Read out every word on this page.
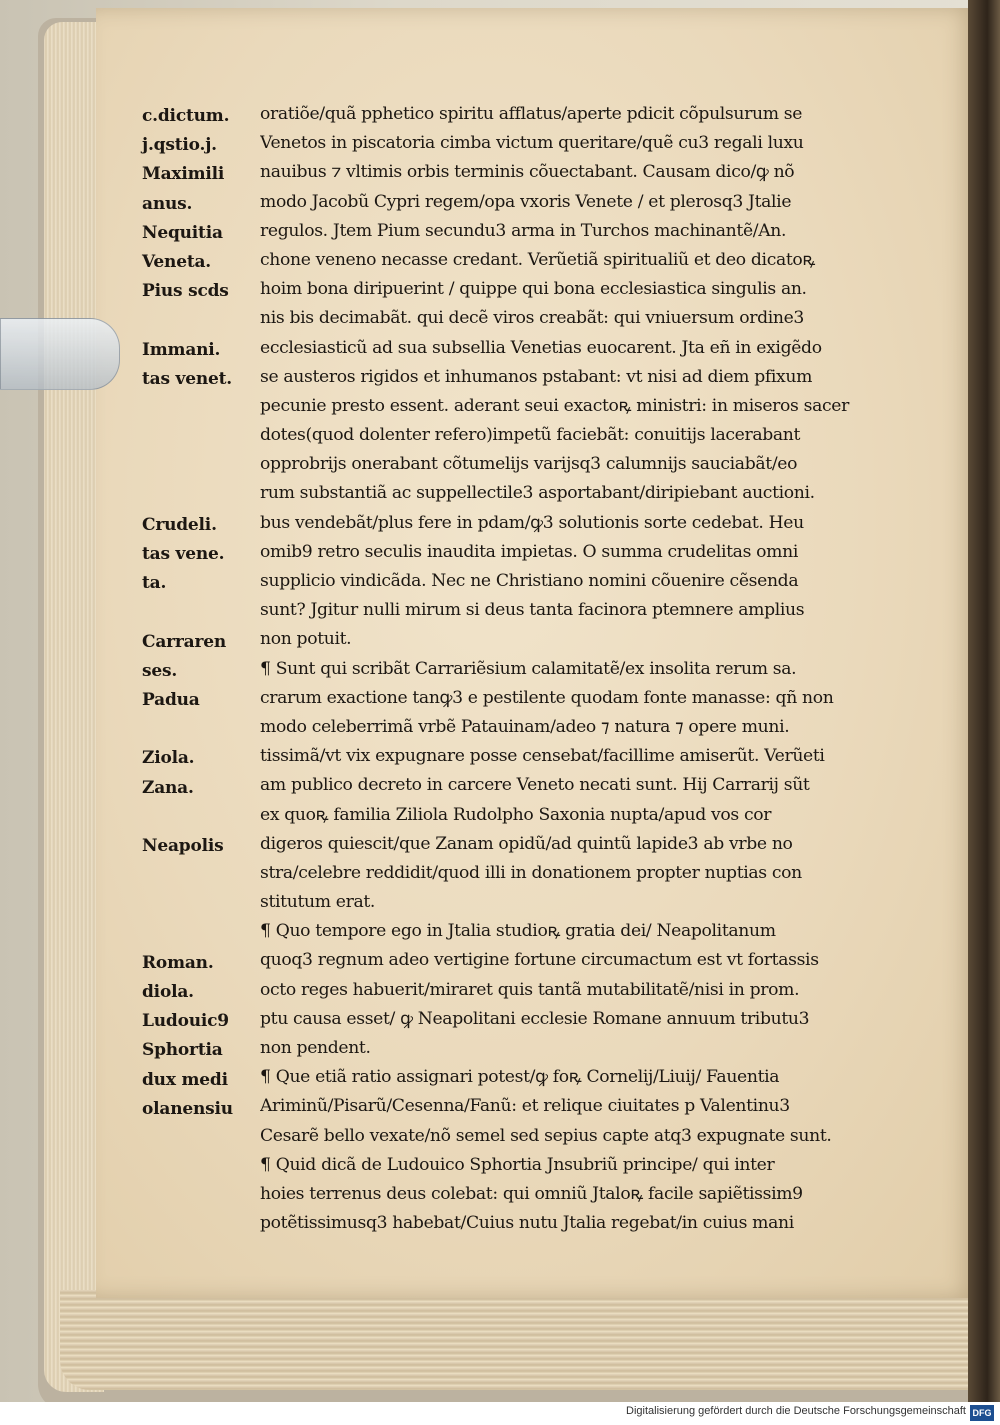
c.dictum.
j.qstio.j.
Maximili
anus.
Nequitia
Veneta.
Pius scds
Immani.
tas venet.
Crudeli.
tas vene.
ta.
Carraren
ses.
Padua
Ziola.
Zana.
Neapolis
Roman.
diola.
Ludouic9
Sphortia
dux medi
olanensiu
oratiõe/quã pphetico spiritu afflatus/aperte pdicit cõpulsurum se
Venetos in piscatoria cimba victum queritare/quẽ cu3 regali luxu
nauibus ⁊ vltimis orbis terminis cõuectabant. Causam dico/ꝙ nõ
modo Jacobũ Cypri regem/opa vxoris Venete / et plerosq3 Jtalie
regulos. Jtem Pium secundu3 arma in Turchos machinantẽ/An.
chone veneno necasse credant. Verũetiã spiritualiũ et deo dicatoꝶ
hoim bona diripuerint / quippe qui bona ecclesiastica singulis an.
nis bis decimabãt. qui decẽ viros creabãt: qui vniuersum ordine3
ecclesiasticũ ad sua subsellia Venetias euocarent. Jta eñ in exigẽdo
se austeros rigidos et inhumanos pstabant: vt nisi ad diem pfixum
pecunie presto essent. aderant seui exactoꝶ ministri: in miseros sacer
dotes(quod dolenter refero)impetũ faciebãt: conuitijs lacerabant
opprobrijs onerabant cõtumelijs varijsq3 calumnijs sauciabãt/eo
rum substantiã ac suppellectile3 asportabant/diripiebant auctioni.
bus vendebãt/plus fere in pdam/ꝙ3 solutionis sorte cedebat. Heu
omib9 retro seculis inaudita impietas. O summa crudelitas omni
supplicio vindicãda. Nec ne Christiano nomini cõuenire cẽsenda
sunt? Jgitur nulli mirum si deus tanta facinora ptemnere amplius
non potuit.
¶ Sunt qui scribãt Carrariẽsium calamitatẽ/ex insolita rerum sa.
crarum exactione tanꝙ3 e pestilente quodam fonte manasse: qñ non
modo celeberrimã vrbẽ Patauinam/adeo ⁊ natura ⁊ opere muni.
tissimã/vt vix expugnare posse censebat/facillime amiserũt. Verũeti
am publico decreto in carcere Veneto necati sunt. Hij Carrarij sũt
ex quoꝶ familia Ziliola Rudolpho Saxonia nupta/apud vos cor
digeros quiescit/que Zanam opidũ/ad quintũ lapide3 ab vrbe no
stra/celebre reddidit/quod illi in donationem propter nuptias con
stitutum erat.
¶ Quo tempore ego in Jtalia studioꝶ gratia dei/ Neapolitanum
quoq3 regnum adeo vertigine fortune circumactum est vt fortassis
octo reges habuerit/miraret quis tantã mutabilitatẽ/nisi in prom.
ptu causa esset/ ꝙ Neapolitani ecclesie Romane annuum tributu3
non pendent.
¶ Que etiã ratio assignari potest/ꝙ foꝶ Cornelij/Liuij/ Fauentia
Ariminũ/Pisarũ/Cesenna/Fanũ: et relique ciuitates p Valentinu3
Cesarẽ bello vexate/nõ semel sed sepius capte atq3 expugnate sunt.
¶ Quid dicã de Ludouico Sphortia Jnsubriũ principe/ qui inter
hoies terrenus deus colebat: qui omniũ Jtaloꝶ facile sapiẽtissim9
potẽtissimusq3 habebat/Cuius nutu Jtalia regebat/in cuius mani
Digitalisierung gefördert durch die Deutsche Forschungsgemeinschaft DFG
